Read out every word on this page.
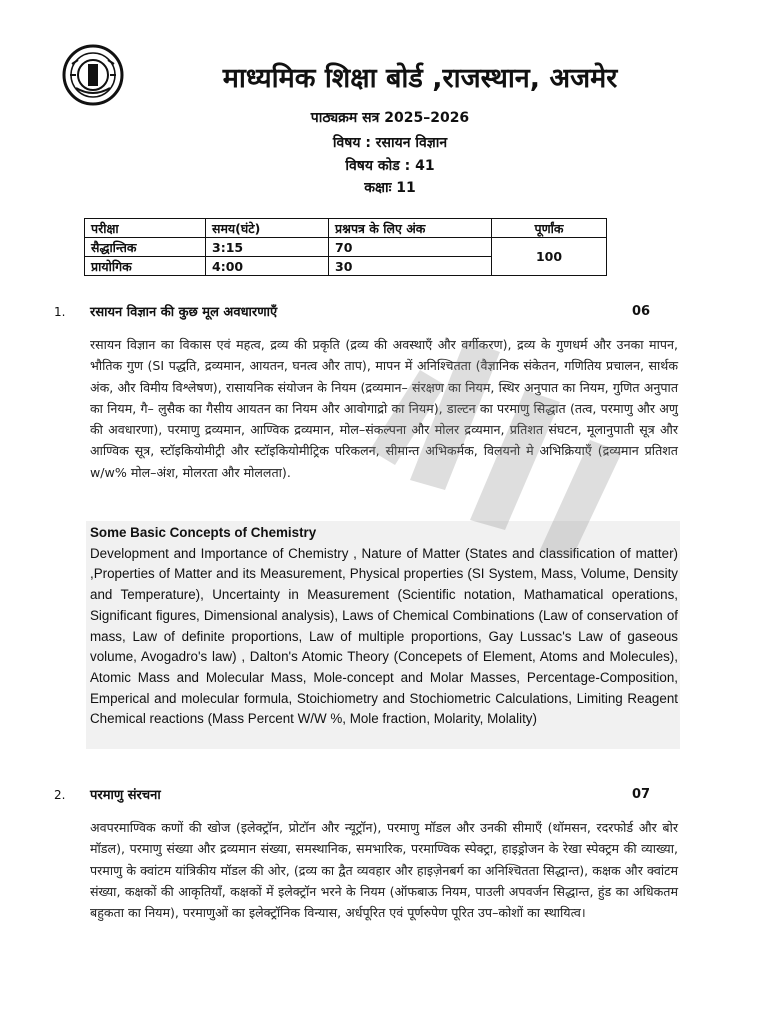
माध्यमिक शिक्षा बोर्ड ,राजस्थान, अजमेर
पाठ्यक्रम सत्र 2025–2026
विषय : रसायन विज्ञान
विषय कोड : 41
कक्षाः 11
परीक्षा	समय(घंटे)	प्रश्नपत्र के लिए अंक	पूर्णांक
सैद्धान्तिक	3:15	70	100
प्रायोगिक	4:00	30	
1. रसायन विज्ञान की कुछ मूल अवधारणाएँ	06
रसायन विज्ञान का विकास एवं महत्व, द्रव्य की प्रकृति (द्रव्य की अवस्थाएँ और वर्गीकरण), द्रव्य के गुणधर्म और उनका मापन, भौतिक गुण (SI पद्धति, द्रव्यमान, आयतन, घनत्व और ताप), मापन में अनिश्चितता (वैज्ञानिक संकेतन, गणितिय प्रचालन, सार्थक अंक, और विमीय विश्लेषण), रासायनिक संयोजन के नियम (द्रव्यमान– संरक्षण का नियम, स्थिर अनुपात का नियम, गुणित अनुपात का नियम, गै– लुसैक का गैसीय आयतन का नियम और आवोगाद्रो का नियम), डाल्टन का परमाणु सिद्धात (तत्व, परमाणु और अणु की अवधारणा), परमाणु द्रव्यमान, आण्विक द्रव्यमान, मोल–संकल्पना और मोलर द्रव्यमान, प्रतिशत संघटन, मूलानुपाती सूत्र और आण्विक सूत्र, स्टॉइकियोमीट्री और स्टॉइकियोमीट्रिक परिकलन, सीमान्त अभिकर्मक, विलयनो मे अभिक्रियाएँ (द्रव्यमान प्रतिशत w/w% मोल–अंश, मोलरता और मोललता).
Some Basic Concepts of Chemistry
Development and Importance of Chemistry , Nature of Matter (States and classification of matter) ,Properties of Matter and its Measurement, Physical properties (SI System, Mass, Volume, Density and Temperature), Uncertainty in Measurement (Scientific notation, Mathamatical operations, Significant figures, Dimensional analysis), Laws of Chemical Combinations (Law of conservation of mass, Law of definite proportions, Law of multiple proportions, Gay Lussac's Law of gaseous volume, Avogadro's law) , Dalton's Atomic Theory (Concepets of Element, Atoms and Molecules), Atomic Mass and Molecular Mass, Mole-concept and Molar Masses, Percentage-Composition, Emperical and molecular formula, Stoichiometry and Stochiometric Calculations, Limiting Reagent Chemical reactions (Mass Percent W/W %, Mole fraction, Molarity, Molality)
2. परमाणु संरचना	07
अवपरमाण्विक कणों की खोज (इलेक्ट्रॉन, प्रोटॉन और न्यूट्रॉन), परमाणु मॉडल और उनकी सीमाएँ (थॉमसन, रदरफोर्ड और बोर मॉडल), परमाणु संख्या और द्रव्यमान संख्या, समस्थानिक, समभारिक, परमाण्विक स्पेक्ट्रा, हाइड्रोजन के रेखा स्पेक्ट्रम की व्याख्या, परमाणु के क्वांटम यांत्रिकीय मॉडल की ओर, (द्रव्य का द्वैत व्यवहार और हाइज़ेनबर्ग का अनिश्चितता सिद्धान्त), कक्षक और क्वांटम संख्या, कक्षकों की आकृतियाँ, कक्षकों में इलेक्ट्रॉन भरने के नियम (ऑफबाऊ नियम, पाउली अपवर्जन सिद्धान्त, हुंड का अधिकतम बहुकता का नियम), परमाणुओं का इलेक्ट्रॉनिक विन्यास, अर्धपूरित एवं पूर्णरुपेण पूरित उप–कोशों का स्थायित्व।
